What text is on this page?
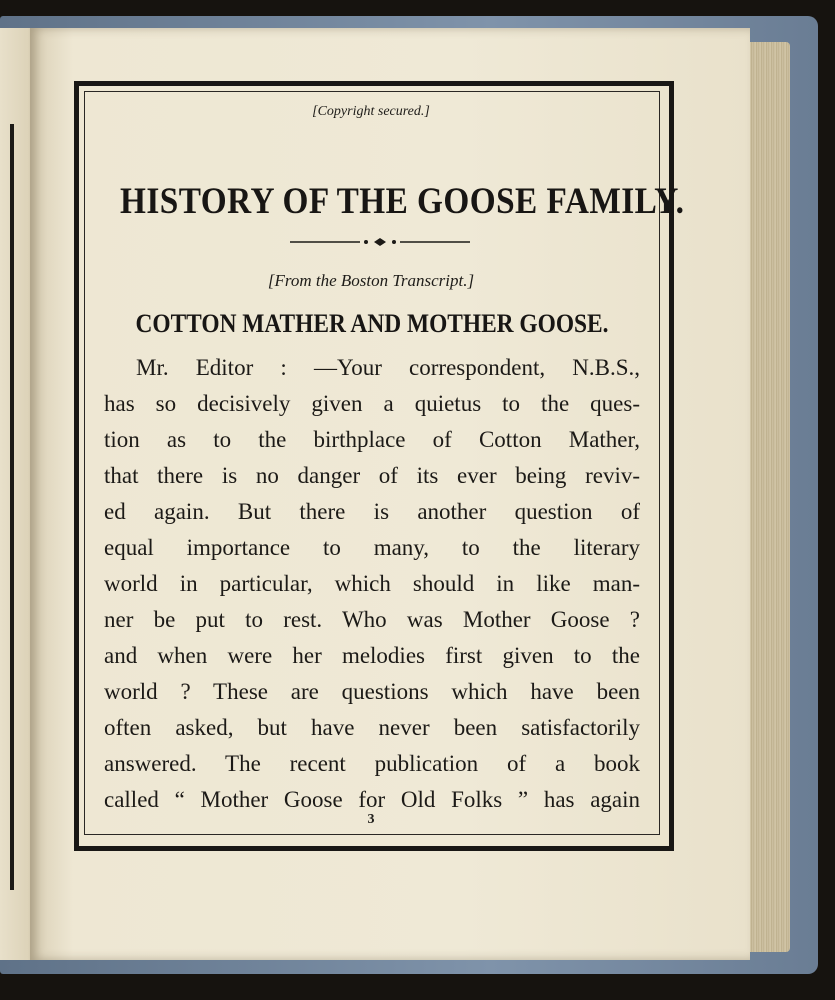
[Copyright secured.]
HISTORY OF THE GOOSE FAMILY.
[From the Boston Transcript.]
COTTON MATHER AND MOTHER GOOSE.
Mr. Editor : —Your correspondent, N.B.S.,
has so decisively given a quietus to the ques-
tion as to the birthplace of Cotton Mather,
that there is no danger of its ever being reviv-
ed again. But there is another question of
equal importance to many, to the literary
world in particular, which should in like man-
ner be put to rest. Who was Mother Goose ?
and when were her melodies first given to the
world ? These are questions which have been
often asked, but have never been satisfactorily
answered. The recent publication of a book
called “ Mother Goose for Old Folks ” has again
3
